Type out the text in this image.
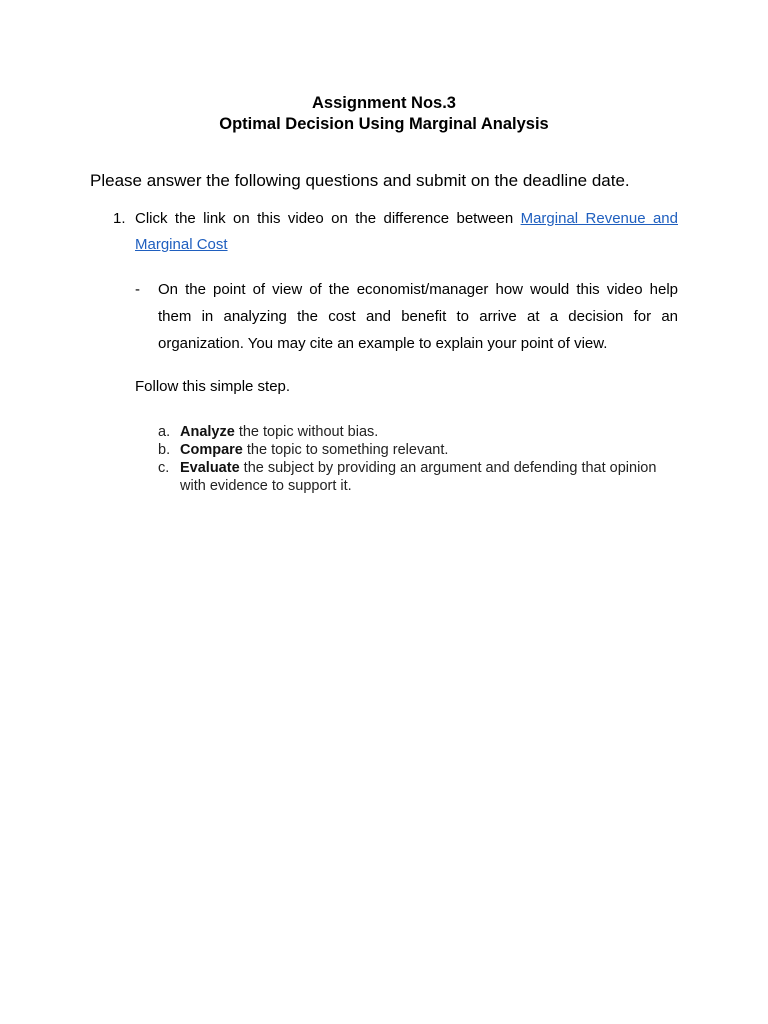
Assignment Nos.3
Optimal Decision Using Marginal Analysis
Please answer the following questions and submit on the deadline date.
1. Click the link on this video on the difference between Marginal Revenue and Marginal Cost
- On the point of view of the economist/manager how would this video help them in analyzing the cost and benefit to arrive at a decision for an organization. You may cite an example to explain your point of view.
Follow this simple step.
a. Analyze the topic without bias.
b. Compare the topic to something relevant.
c. Evaluate the subject by providing an argument and defending that opinion with evidence to support it.
